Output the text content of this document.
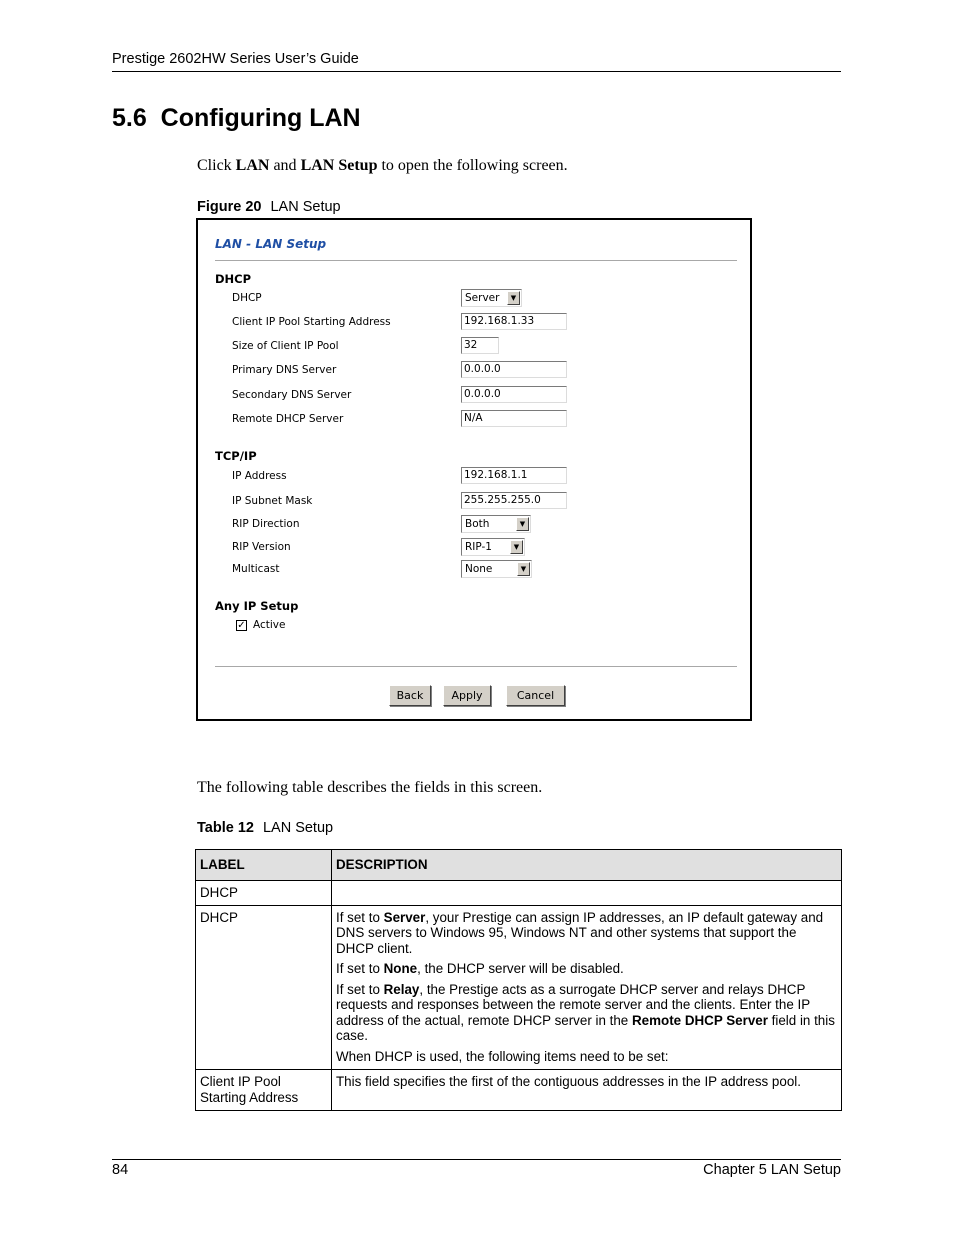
Prestige 2602HW Series User’s Guide
5.6  Configuring LAN
Click LAN and LAN Setup to open the following screen.
Figure 20 LAN Setup
LAN - LAN Setup
DHCP
DHCP	Server	▼
Client IP Pool Starting Address	192.168.1.33
Size of Client IP Pool	32
Primary DNS Server	0.0.0.0
Secondary DNS Server	0.0.0.0
Remote DHCP Server	N/A
TCP/IP
IP Address	192.168.1.1
IP Subnet Mask	255.255.255.0
RIP Direction	Both	▼
RIP Version	RIP-1	▼
Multicast	None	▼
Any IP Setup
✓ Active
Back	Apply	Cancel
The following table describes the fields in this screen.
Table 12 LAN Setup
LABEL	DESCRIPTION
DHCP	
DHCP	If set to Server, your Prestige can assign IP addresses, an IP default gateway and DNS servers to Windows 95, Windows NT and other systems that support the DHCP client.

If set to None, the DHCP server will be disabled.

If set to Relay, the Prestige acts as a surrogate DHCP server and relays DHCP requests and responses between the remote server and the clients. Enter the IP address of the actual, remote DHCP server in the Remote DHCP Server field in this case.

When DHCP is used, the following items need to be set:

Client IP Pool Starting Address	This field specifies the first of the contiguous addresses in the IP address pool.
84	Chapter 5 LAN Setup
